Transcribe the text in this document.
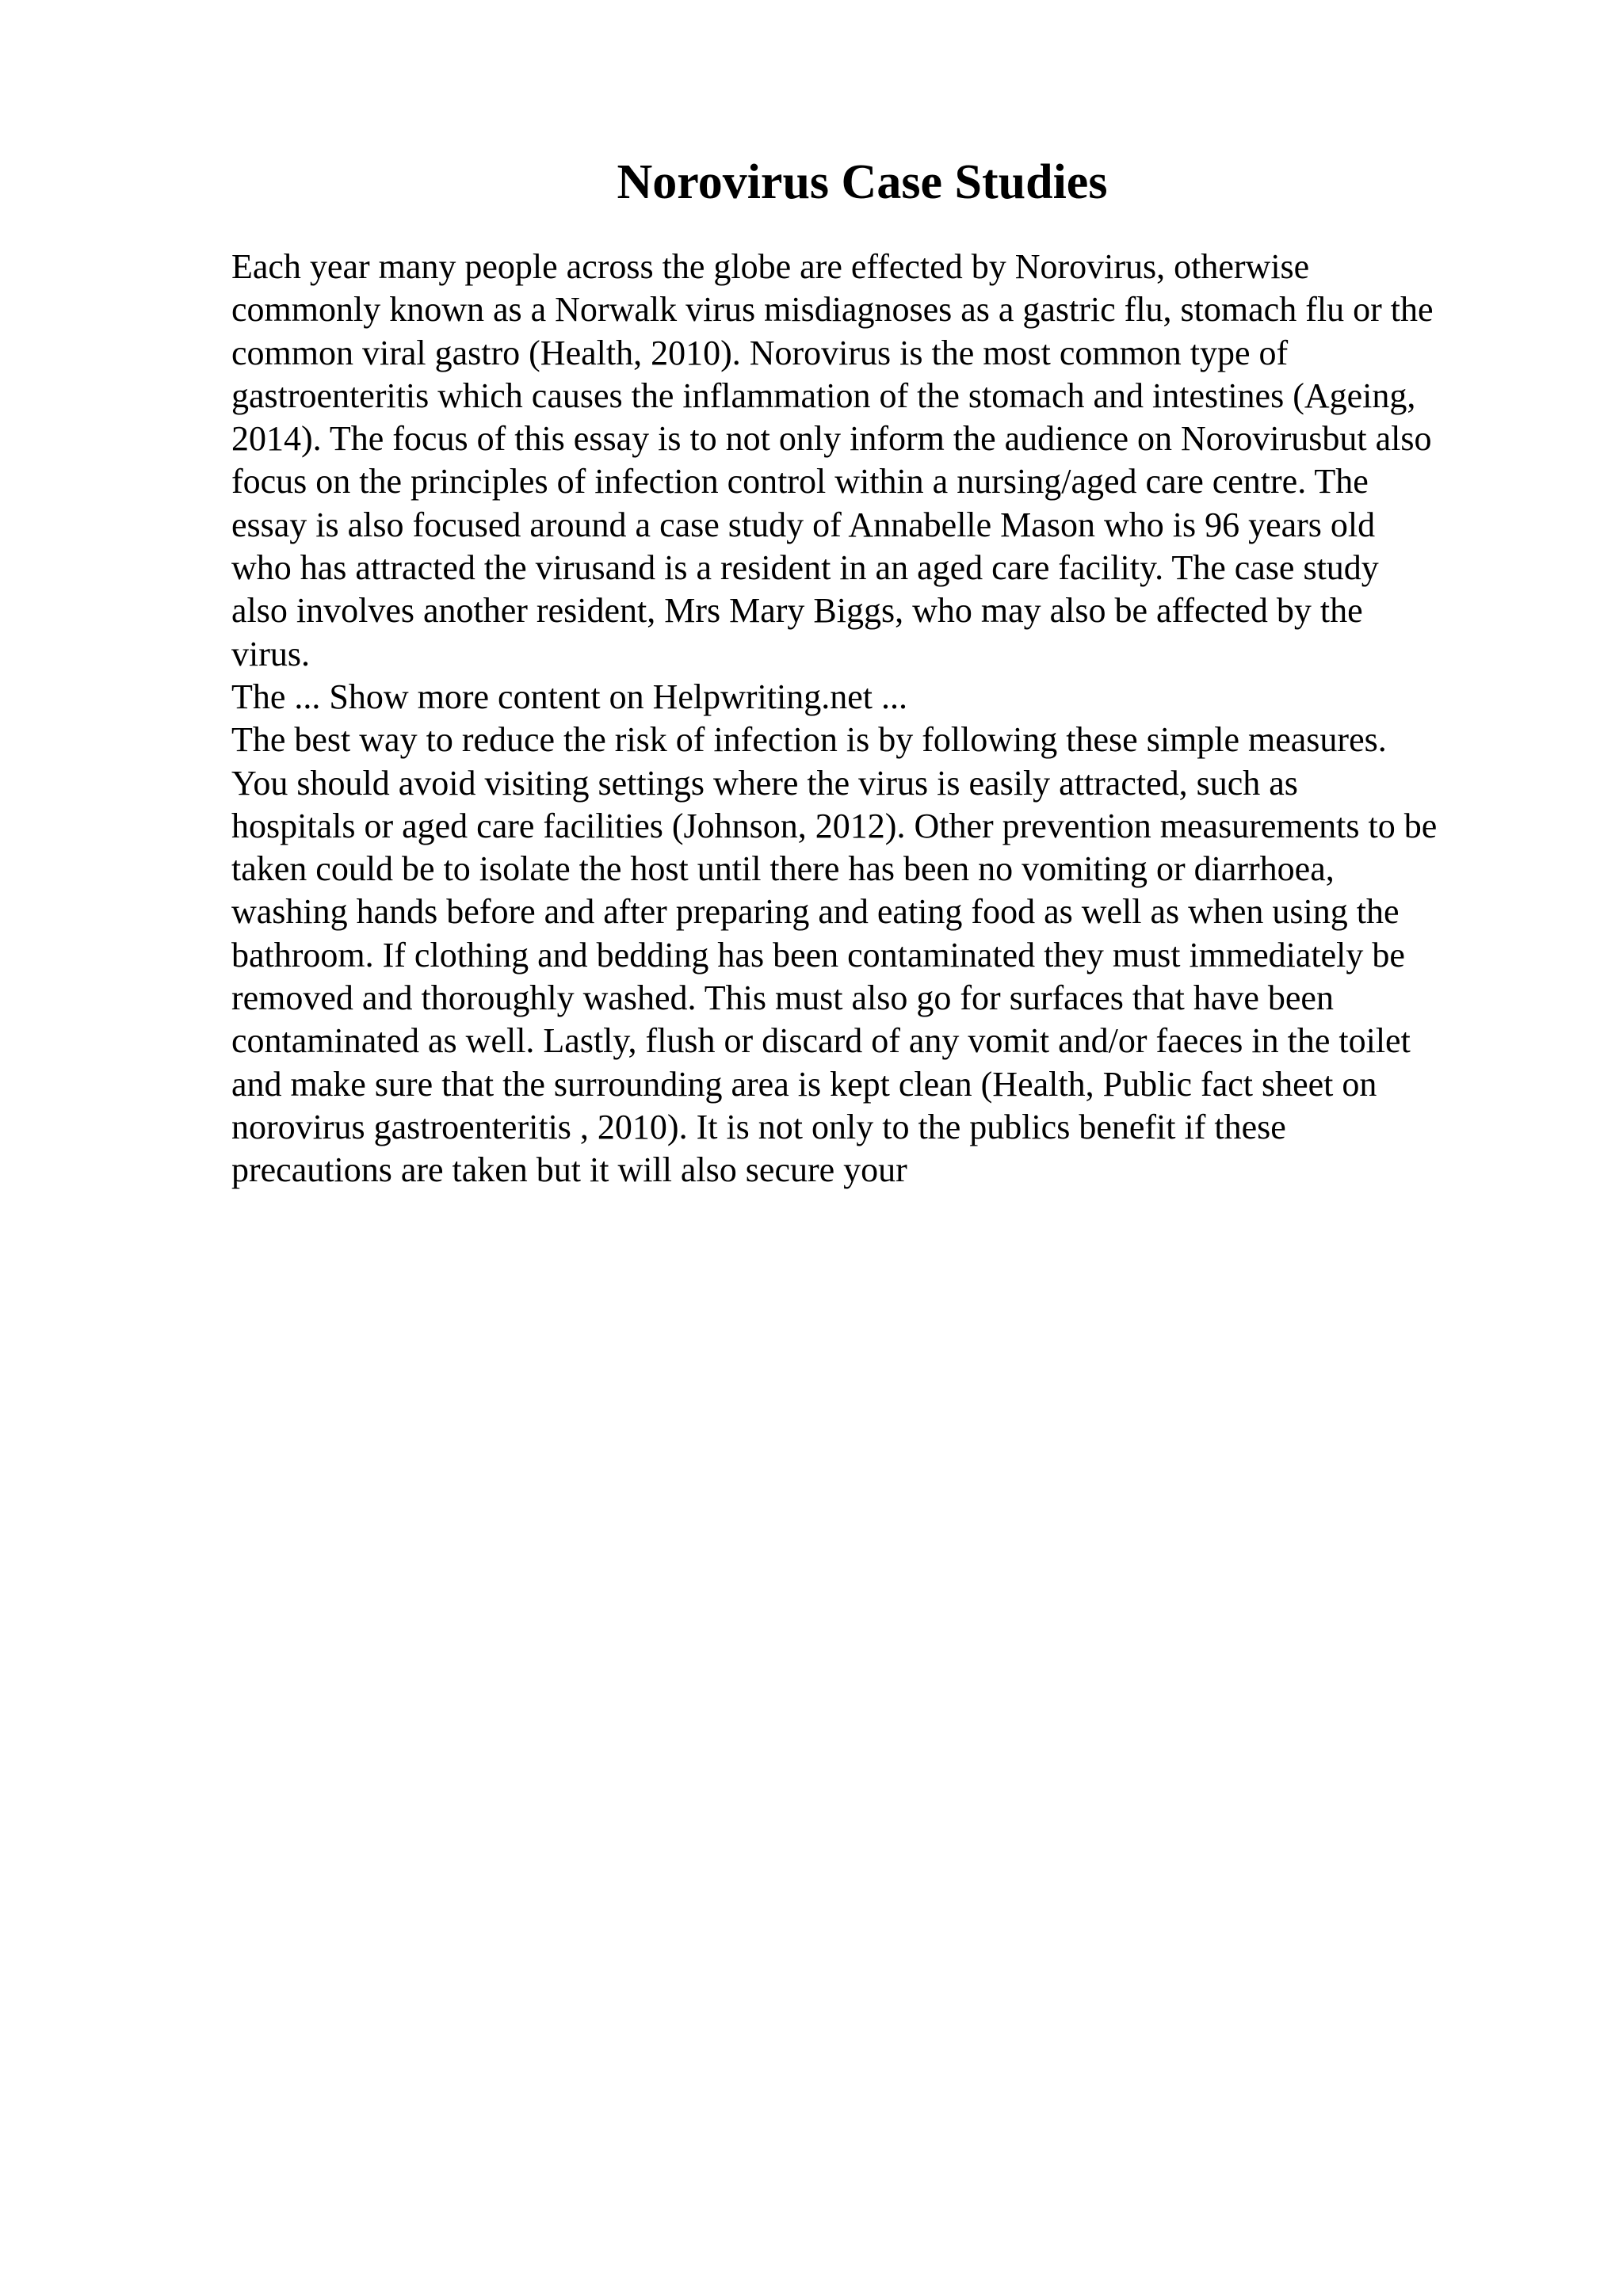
Norovirus Case Studies
Each year many people across the globe are effected by Norovirus, otherwise
commonly known as a Norwalk virus misdiagnoses as a gastric flu, stomach flu or the
common viral gastro (Health, 2010). Norovirus is the most common type of
gastroenteritis which causes the inflammation of the stomach and intestines (Ageing,
2014). The focus of this essay is to not only inform the audience on Norovirusbut also
focus on the principles of infection control within a nursing/aged care centre. The
essay is also focused around a case study of Annabelle Mason who is 96 years old
who has attracted the virusand is a resident in an aged care facility. The case study
also involves another resident, Mrs Mary Biggs, who may also be affected by the
virus.
The ... Show more content on Helpwriting.net ...
The best way to reduce the risk of infection is by following these simple measures.
You should avoid visiting settings where the virus is easily attracted, such as
hospitals or aged care facilities (Johnson, 2012). Other prevention measurements to be
taken could be to isolate the host until there has been no vomiting or diarrhoea,
washing hands before and after preparing and eating food as well as when using the
bathroom. If clothing and bedding has been contaminated they must immediately be
removed and thoroughly washed. This must also go for surfaces that have been
contaminated as well. Lastly, flush or discard of any vomit and/or faeces in the toilet
and make sure that the surrounding area is kept clean (Health, Public fact sheet on
norovirus gastroenteritis , 2010). It is not only to the publics benefit if these
precautions are taken but it will also secure your
